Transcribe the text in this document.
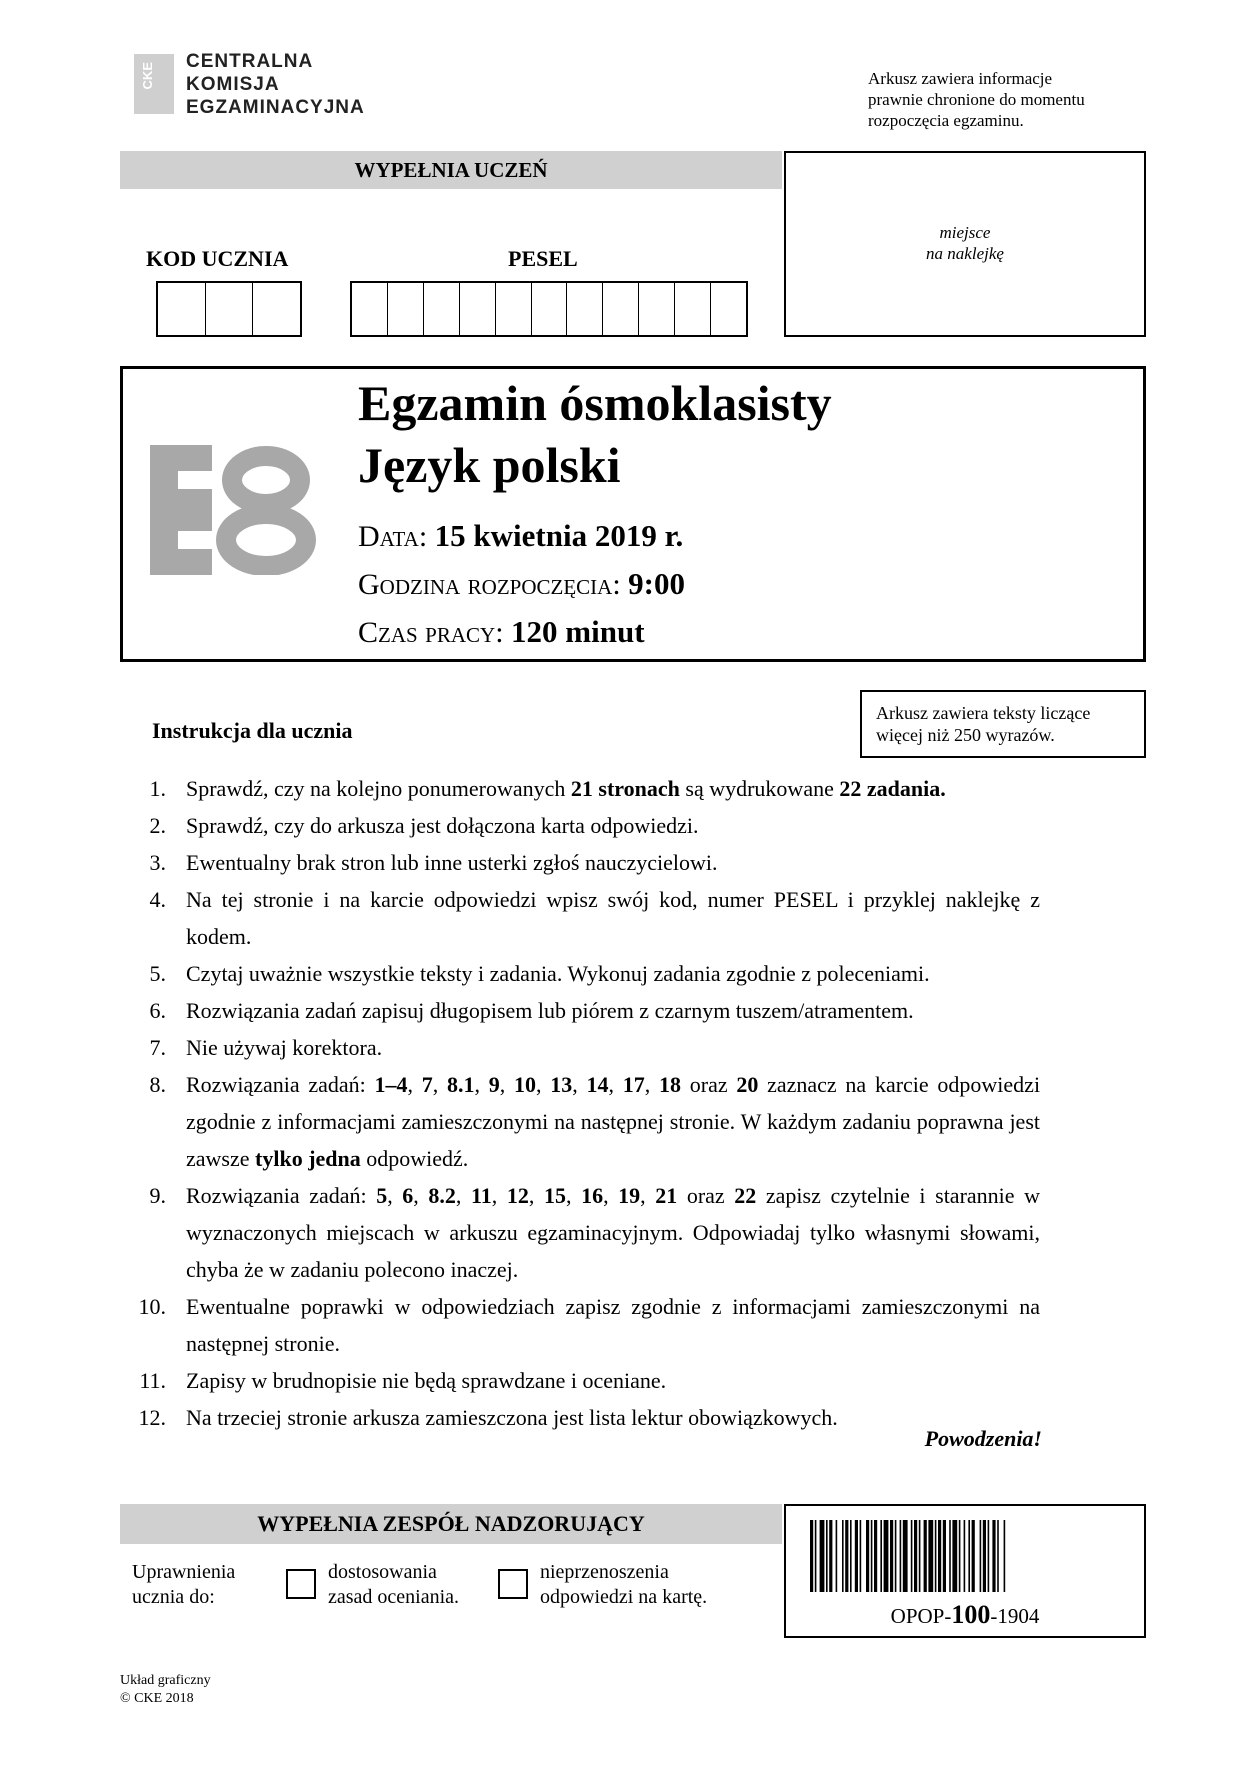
CKE
CENTRALNA
KOMISJA
EGZAMINACYJNA
Arkusz zawiera informacje
prawnie chronione do momentu
rozpoczęcia egzaminu.
WYPEŁNIA UCZEŃ
KOD UCZNIA	PESEL
miejsce
na naklejkę
Egzamin ósmoklasisty
Język polski
Data: 15 kwietnia 2019 r.
Godzina rozpoczęcia: 9:00
Czas pracy: 120 minut
Arkusz zawiera teksty liczące
więcej niż 250 wyrazów.
Instrukcja dla ucznia
1. Sprawdź, czy na kolejno ponumerowanych 21 stronach są wydrukowane 22 zadania.
2. Sprawdź, czy do arkusza jest dołączona karta odpowiedzi.
3. Ewentualny brak stron lub inne usterki zgłoś nauczycielowi.
4. Na tej stronie i na karcie odpowiedzi wpisz swój kod, numer PESEL i przyklej naklejkę z kodem.
5. Czytaj uważnie wszystkie teksty i zadania. Wykonuj zadania zgodnie z poleceniami.
6. Rozwiązania zadań zapisuj długopisem lub piórem z czarnym tuszem/atramentem.
7. Nie używaj korektora.
8. Rozwiązania zadań: 1–4, 7, 8.1, 9, 10, 13, 14, 17, 18 oraz 20 zaznacz na karcie odpowiedzi zgodnie z informacjami zamieszczonymi na następnej stronie. W każdym zadaniu poprawna jest zawsze tylko jedna odpowiedź.
9. Rozwiązania zadań: 5, 6, 8.2, 11, 12, 15, 16, 19, 21 oraz 22 zapisz czytelnie i starannie w wyznaczonych miejscach w arkuszu egzaminacyjnym. Odpowiadaj tylko własnymi słowami, chyba że w zadaniu polecono inaczej.
10. Ewentualne poprawki w odpowiedziach zapisz zgodnie z informacjami zamieszczonymi na następnej stronie.
11. Zapisy w brudnopisie nie będą sprawdzane i oceniane.
12. Na trzeciej stronie arkusza zamieszczona jest lista lektur obowiązkowych.
Powodzenia!
WYPEŁNIA ZESPÓŁ NADZORUJĄCY
Uprawnienia
ucznia do:
dostosowania
zasad oceniania.
nieprzenoszenia
odpowiedzi na kartę.
OPOP-100-1904
Układ graficzny
© CKE 2018
